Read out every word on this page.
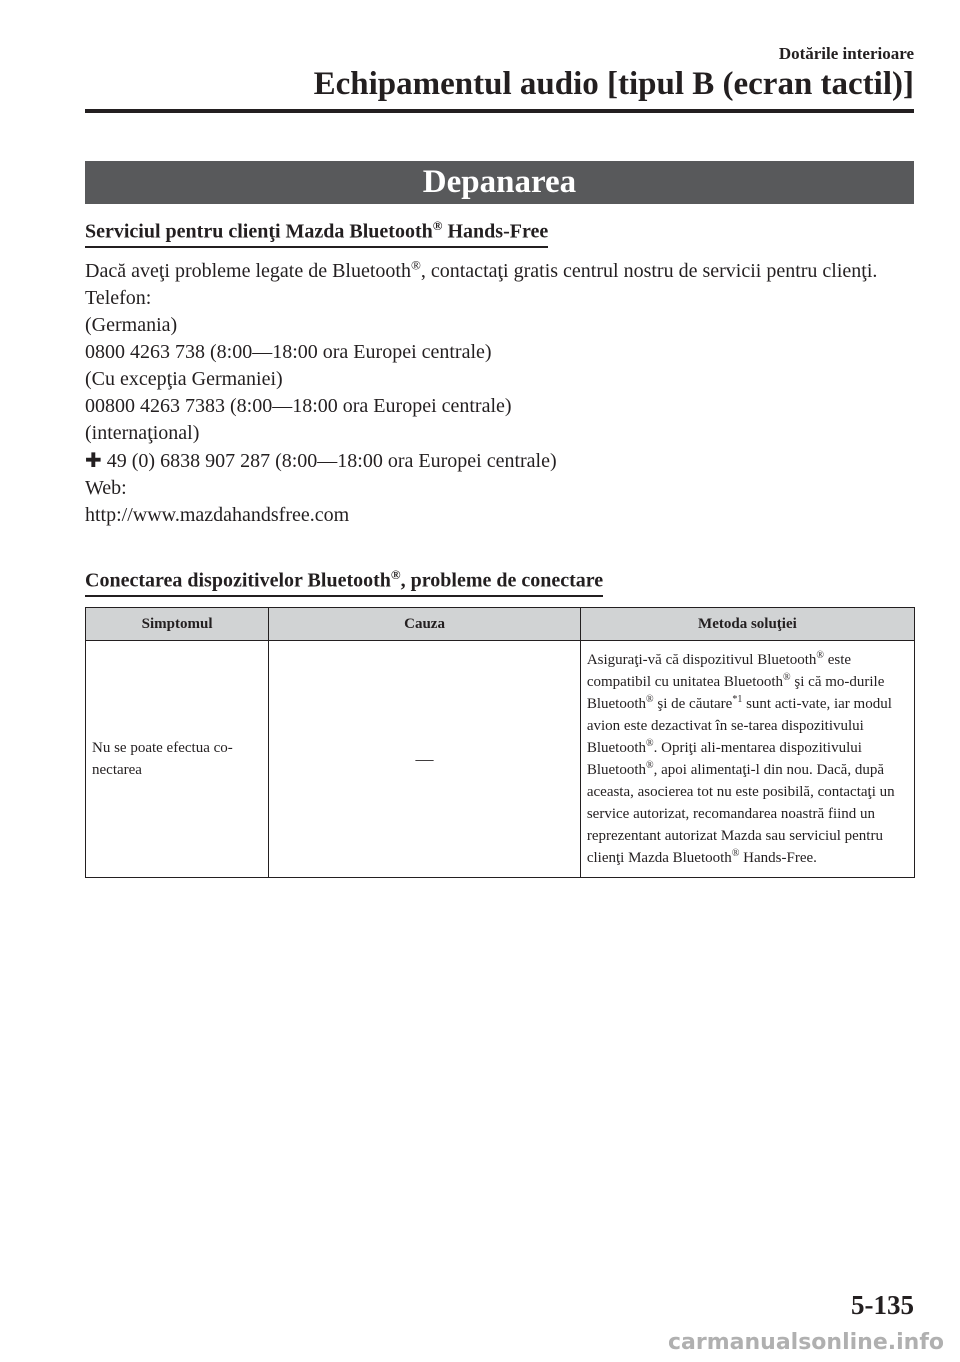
Dotările interioare
Echipamentul audio [tipul B (ecran tactil)]
Depanarea
Serviciul pentru clienţi Mazda Bluetooth® Hands-Free

Dacă aveţi probleme legate de Bluetooth®, contactaţi gratis centrul nostru de servicii pentru clienţi.

Telefon:

(Germania)

0800 4263 738 (8:00―18:00 ora Europei centrale)

(Cu excepţia Germaniei)

00800 4263 7383 (8:00―18:00 ora Europei centrale)

(internaţional)

✚ 49 (0) 6838 907 287 (8:00―18:00 ora Europei centrale)

Web:

http://www.mazdahandsfree.com

Conectarea dispozitivelor Bluetooth®, probleme de conectare
Simptomul	Cauza	Metoda soluţiei
Nu se poate efectua co-nectarea	—	Asiguraţi-vă că dispozitivul Bluetooth® este compatibil cu unitatea Bluetooth® şi că mo-durile Bluetooth® şi de căutare$^{*1}$ sunt acti-vate, iar modul avion este dezactivat în se-tarea dispozitivului Bluetooth®. Opriţi ali-mentarea dispozitivului Bluetooth®, apoi alimentaţi-l din nou. Dacă, după aceasta, asocierea tot nu este posibilă, contactaţi un service autorizat, recomandarea noastră fiind un reprezentant autorizat Mazda sau serviciul pentru clienţi Mazda Bluetooth® Hands-Free.
5-135
carmanualsonline.info
